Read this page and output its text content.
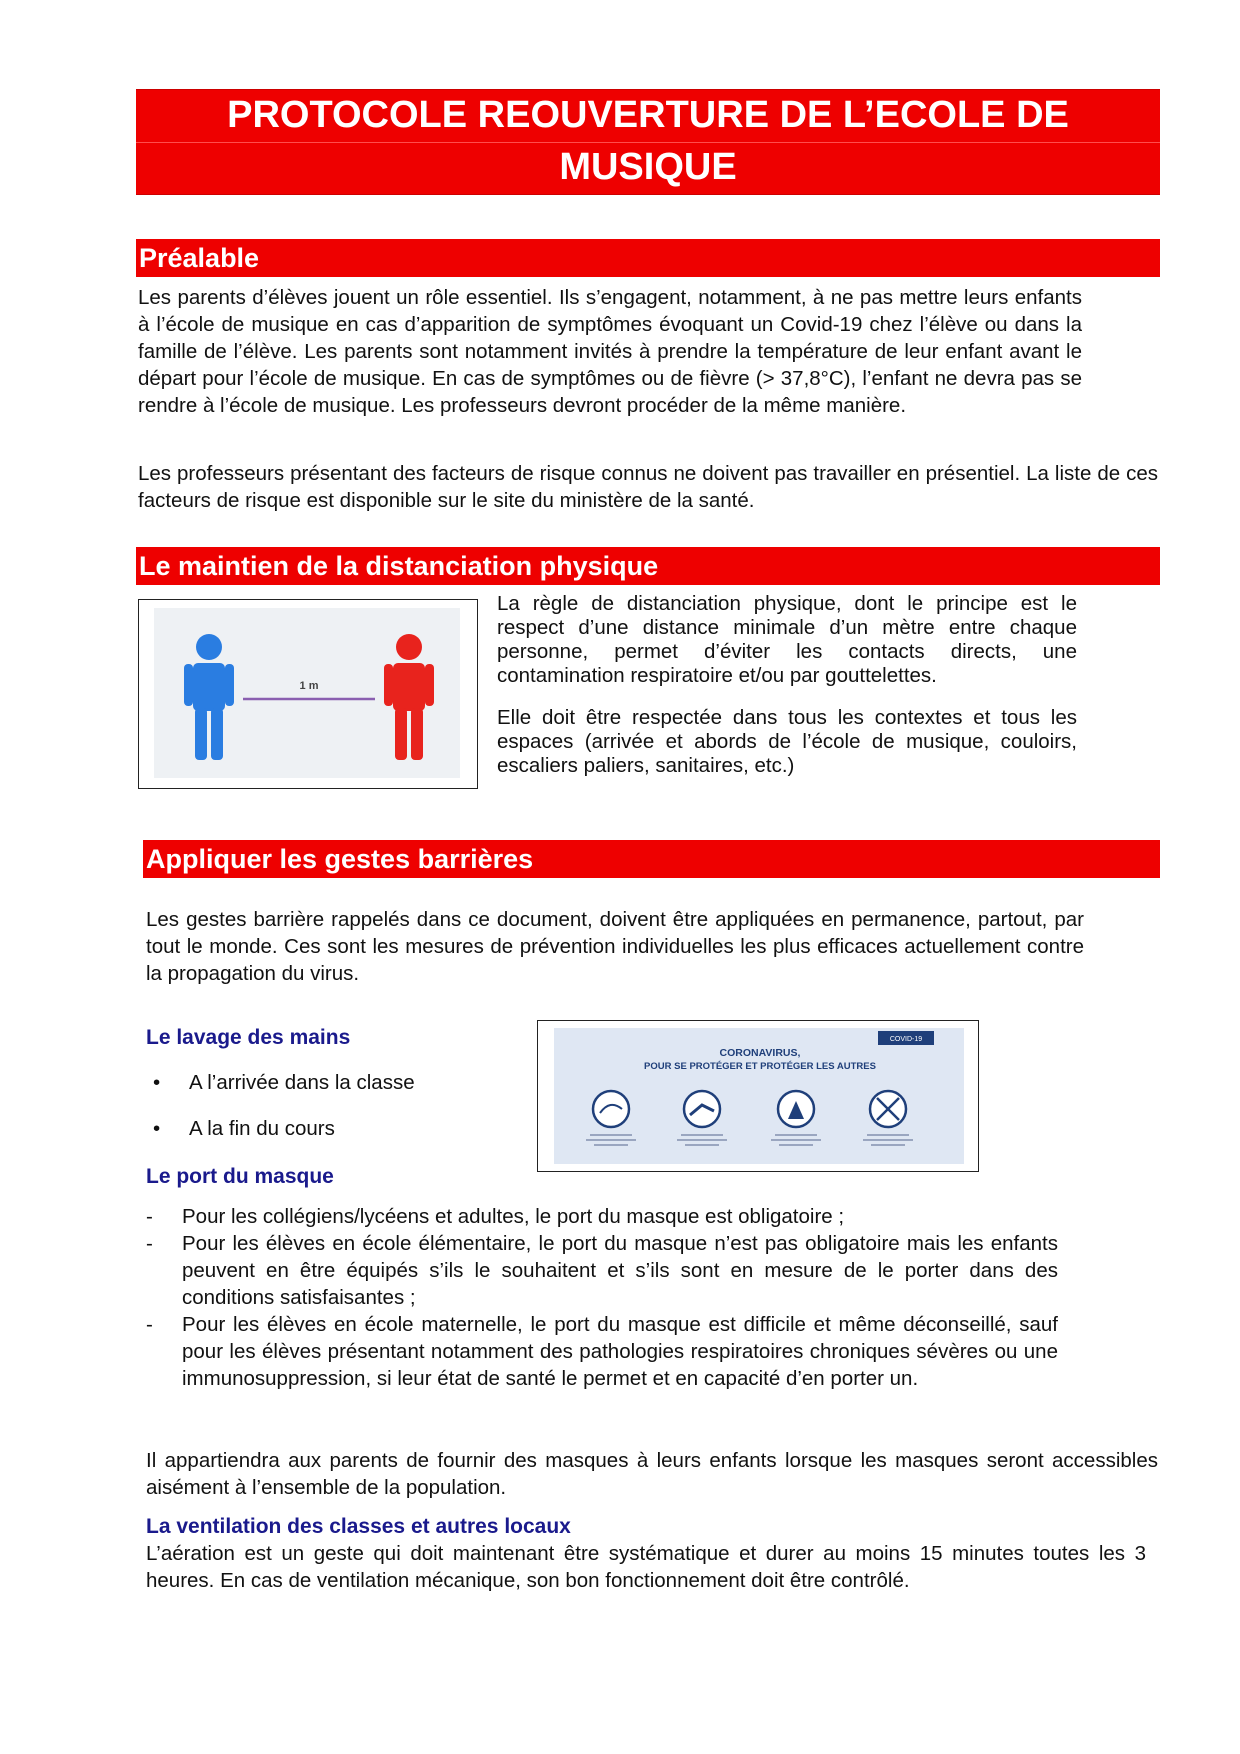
PROTOCOLE REOUVERTURE DE L’ECOLE DE
MUSIQUE
Préalable
Les parents d’élèves jouent un rôle essentiel. Ils s’engagent, notamment, à ne pas mettre leurs enfants à l’école de musique en cas d’apparition de symptômes évoquant un Covid-19 chez l’élève ou dans la famille de l’élève. Les parents sont notamment invités à prendre la température de leur enfant avant le départ pour l’école de musique. En cas de symptômes ou de fièvre (> 37,8°C), l’enfant ne devra pas se rendre à l’école de musique. Les professeurs devront procéder de la même manière.
Les professeurs présentant des facteurs de risque connus ne doivent pas travailler en présentiel. La liste de ces facteurs de risque est disponible sur le site du ministère de la santé.
Le maintien de la distanciation physique
1 m
La règle de distanciation physique, dont le principe est le respect d’une distance minimale d’un mètre entre chaque personne, permet d’éviter les contacts directs, une contamination respiratoire et/ou par gouttelettes.
Elle doit être respectée dans tous les contextes et tous les espaces (arrivée et abords de l’école de musique, couloirs, escaliers paliers, sanitaires, etc.)
Appliquer les gestes barrières
Les gestes barrière rappelés dans ce document, doivent être appliquées en permanence, partout, par tout le monde. Ces sont les mesures de prévention individuelles les plus efficaces actuellement contre la propagation du virus.
Le lavage des mains
• A l’arrivée dans la classe
• A la fin du cours
COVID-19
CORONAVIRUS,
POUR SE PROTÉGER ET PROTÉGER LES AUTRES
Le port du masque
- Pour les collégiens/lycéens et adultes, le port du masque est obligatoire ;
- Pour les élèves en école élémentaire, le port du masque n’est pas obligatoire mais les enfants peuvent en être équipés s’ils le souhaitent et s’ils sont en mesure de le porter dans des conditions satisfaisantes ;
- Pour les élèves en école maternelle, le port du masque est difficile et même déconseillé, sauf pour les élèves présentant notamment des pathologies respiratoires chroniques sévères ou une immunosuppression, si leur état de santé le permet et en capacité d’en porter un.
Il appartiendra aux parents de fournir des masques à leurs enfants lorsque les masques seront accessibles aisément à l’ensemble de la population.
La ventilation des classes et autres locaux
L’aération est un geste qui doit maintenant être systématique et durer au moins 15 minutes toutes les 3 heures. En cas de ventilation mécanique, son bon fonctionnement doit être contrôlé.
